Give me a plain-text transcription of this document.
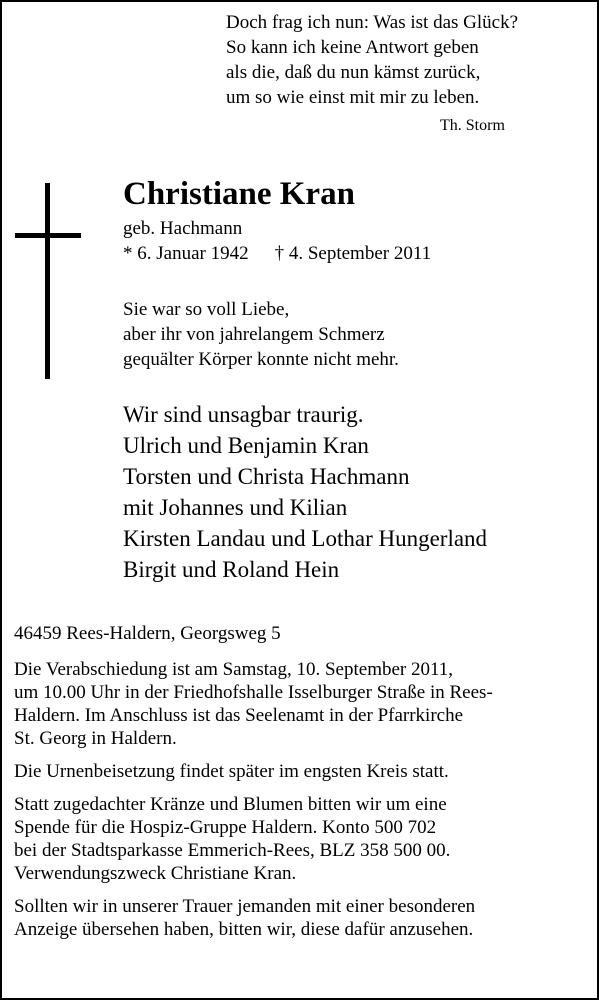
Doch frag ich nun: Was ist das Glück?
So kann ich keine Antwort geben
als die, daß du nun kämst zurück,
um so wie einst mit mir zu leben.
Th. Storm
Christiane Kran
geb. Hachmann
* 6. Januar 1942 † 4. September 2011
Sie war so voll Liebe,
aber ihr von jahrelangem Schmerz
gequälter Körper konnte nicht mehr.
Wir sind unsagbar traurig.
Ulrich und Benjamin Kran
Torsten und Christa Hachmann
mit Johannes und Kilian
Kirsten Landau und Lothar Hungerland
Birgit und Roland Hein

46459 Rees-Haldern, Georgsweg 5

Die Verabschiedung ist am Samstag, 10. September 2011,
um 10.00 Uhr in der Friedhofshalle Isselburger Straße in Rees-
Haldern. Im Anschluss ist das Seelenamt in der Pfarrkirche
St. Georg in Haldern.

Die Urnenbeisetzung findet später im engsten Kreis statt.

Statt zugedachter Kränze und Blumen bitten wir um eine
Spende für die Hospiz-Gruppe Haldern. Konto 500 702
bei der Stadtsparkasse Emmerich-Rees, BLZ 358 500 00.
Verwendungszweck Christiane Kran.

Sollten wir in unserer Trauer jemanden mit einer besonderen
Anzeige übersehen haben, bitten wir, diese dafür anzusehen.
